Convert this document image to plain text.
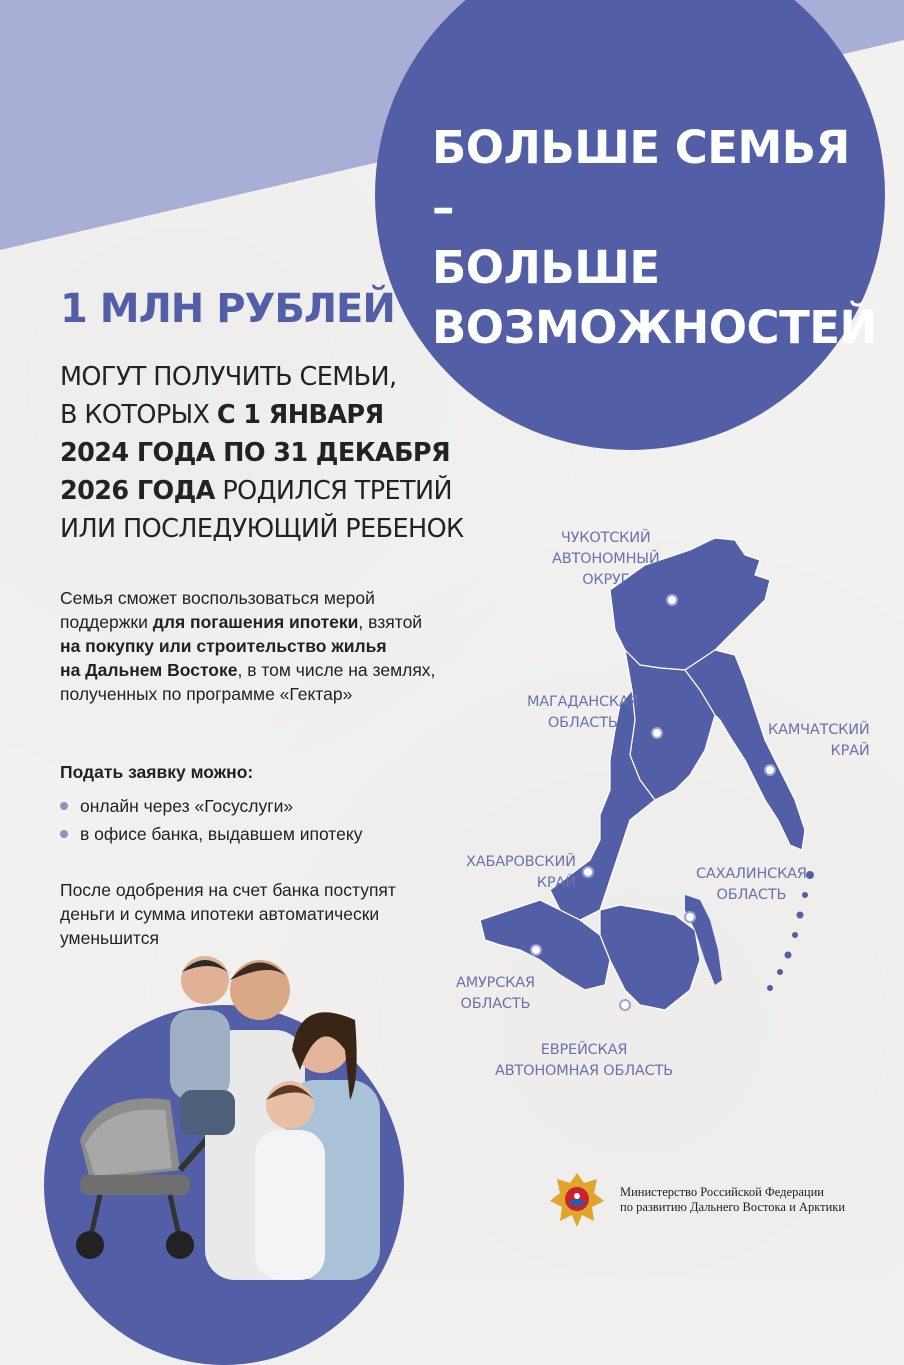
БОЛЬШЕ СЕМЬЯ –
БОЛЬШЕ
ВОЗМОЖНОСТЕЙ
1 МЛН РУБЛЕЙ

МОГУТ ПОЛУЧИТЬ СЕМЬИ,
В КОТОРЫХ С 1 ЯНВАРЯ
2024 ГОДА ПО 31 ДЕКАБРЯ
2026 ГОДА РОДИЛСЯ ТРЕТИЙ
ИЛИ ПОСЛЕДУЮЩИЙ РЕБЕНОК

Семья сможет воспользоваться мерой
поддержки для погашения ипотеки, взятой
на покупку или строительство жилья
на Дальнем Востоке, в том числе на землях,
полученных по программе «Гектар»

Подать заявку можно:

онлайн через «Госуслуги»
в офисе банка, выдавшем ипотеку

После одобрения на счет банка поступят
деньги и сумма ипотеки автоматически
уменьшится

ЧУКОТСКИЙ
АВТОНОМНЫЙ
ОКРУГ

МАГАДАНСКАЯ
ОБЛАСТЬ	КАМЧАТСКИЙ
КРАЙ

ХАБАРОВСКИЙ
КРАЙ

САХАЛИНСКАЯ
ОБЛАСТЬ

АМУРСКАЯ
ОБЛАСТЬ

ЕВРЕЙСКАЯ
АВТОНОМНАЯ ОБЛАСТЬ

Министерство Российской Федерации
по развитию Дальнего Востока и Арктики
